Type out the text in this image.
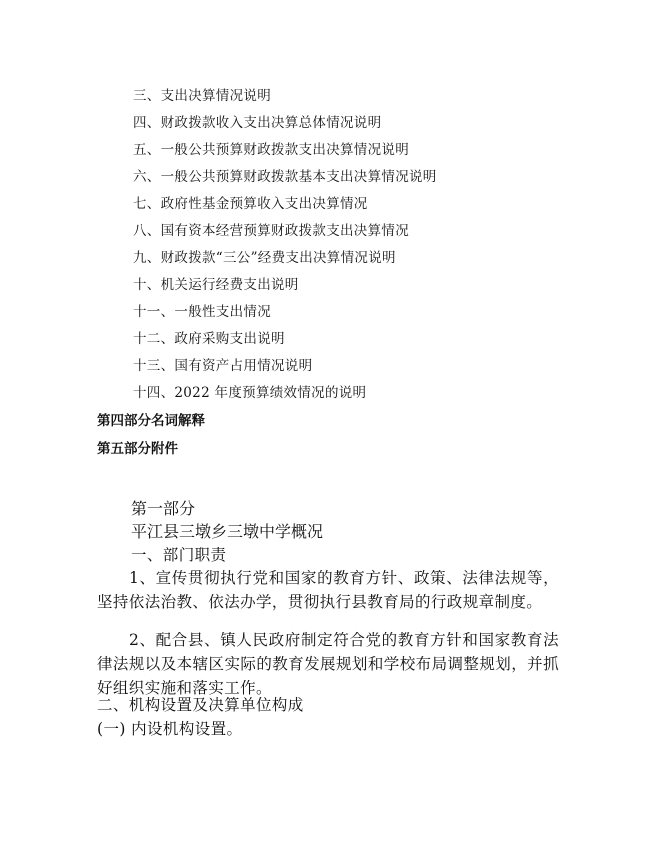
三、支出决算情况说明
四、财政拨款收入支出决算总体情况说明
五、一般公共预算财政拨款支出决算情况说明
六、一般公共预算财政拨款基本支出决算情况说明
七、政府性基金预算收入支出决算情况
八、国有资本经营预算财政拨款支出决算情况
九、财政拨款“三公”经费支出决算情况说明
十、机关运行经费支出说明
十一、一般性支出情况
十二、政府采购支出说明
十三、国有资产占用情况说明
十四、2022 年度预算绩效情况的说明
第四部分名词解释
第五部分附件
第一部分
平江县三墩乡三墩中学概况
一、部门职责
1、宣传贯彻执行党和国家的教育方针、政策、法律法规等，坚持依法治教、依法办学，贯彻执行县教育局的行政规章制度。
2、配合县、镇人民政府制定符合党的教育方针和国家教育法律法规以及本辖区实际的教育发展规划和学校布局调整规划，并抓好组织实施和落实工作。
二、机构设置及决算单位构成
(一) 内设机构设置。
